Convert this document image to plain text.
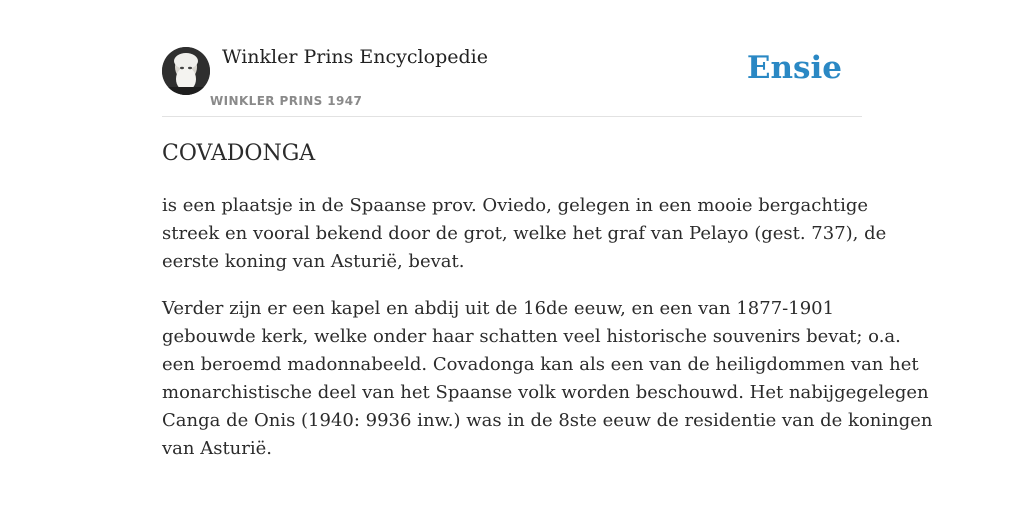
Winkler Prins Encyclopedie
WINKLER PRINS 1947
Ensie
COVADONGA

is een plaatsje in de Spaanse prov. Oviedo, gelegen in een mooie bergachtige
streek en vooral bekend door de grot, welke het graf van Pelayo (gest. 737), de
eerste koning van Asturië, bevat.

Verder zijn er een kapel en abdij uit de 16de eeuw, en een van 1877-1901
gebouwde kerk, welke onder haar schatten veel historische souvenirs bevat; o.a.
een beroemd madonnabeeld. Covadonga kan als een van de heiligdommen van het
monarchistische deel van het Spaanse volk worden beschouwd. Het nabijgegelegen
Canga de Onis (1940: 9936 inw.) was in de 8ste eeuw de residentie van de koningen
van Asturië.
